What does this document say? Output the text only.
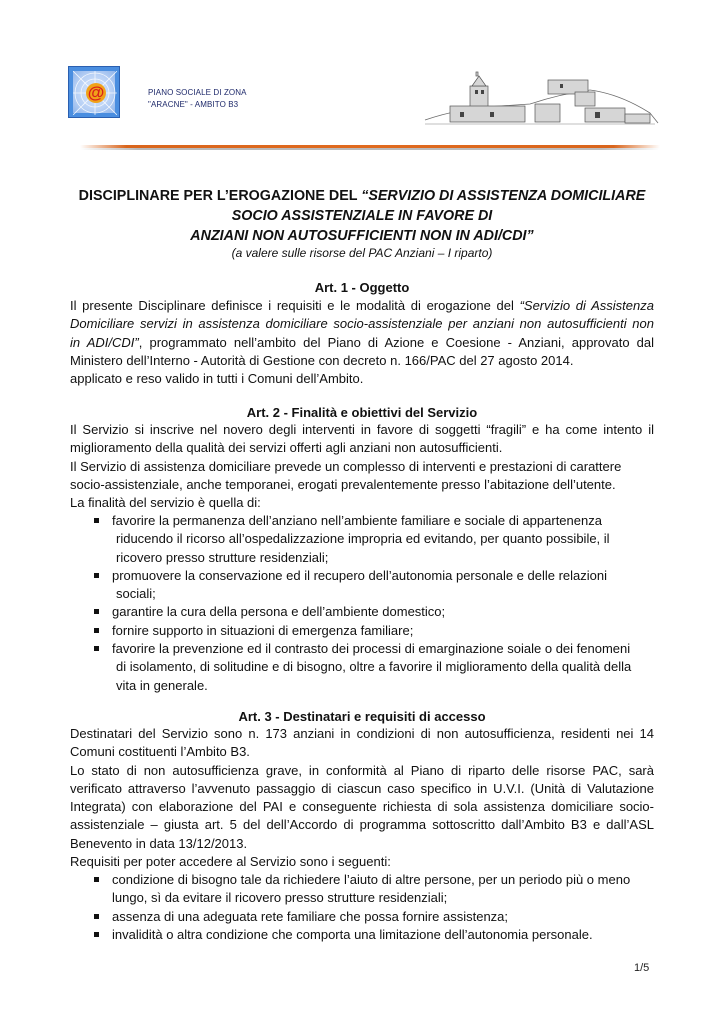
@	PIANO SOCIALE DI ZONA
"ARACNE" - AMBITO B3
DISCIPLINARE PER L’EROGAZIONE DEL “SERVIZIO DI ASSISTENZA DOMICILIARE
SOCIO ASSISTENZIALE IN FAVORE DI
ANZIANI NON AUTOSUFFICIENTI NON IN ADI/CDI”
(a valere sulle risorse del PAC Anziani – I riparto)
Art. 1 - Oggetto
Il presente Disciplinare definisce i requisiti e le modalità di erogazione del “Servizio di Assistenza
Domiciliare servizi in assistenza domiciliare socio-assistenziale per anziani non autosufficienti non
in ADI/CDI”, programmato nell’ambito del Piano di Azione e Coesione - Anziani, approvato dal
Ministero dell’Interno - Autorità di Gestione con decreto n. 166/PAC del 27 agosto 2014.
applicato e reso valido in tutti i Comuni dell’Ambito.
Art. 2 - Finalità e obiettivi del Servizio
Il Servizio si inscrive nel novero degli interventi in favore di soggetti “fragili” e ha come intento il
miglioramento della qualità dei servizi offerti agli anziani non autosufficienti.
Il Servizio di assistenza domiciliare prevede un complesso di interventi e prestazioni di carattere
socio-assistenziale, anche temporanei, erogati prevalentemente presso l’abitazione dell’utente.
La finalità del servizio è quella di:
favorire la permanenza dell’anziano nell’ambiente familiare e sociale di appartenenza
riducendo il ricorso all’ospedalizzazione impropria ed evitando, per quanto possibile, il
ricovero presso strutture residenziali;
promuovere la conservazione ed il recupero dell’autonomia personale e delle relazioni
sociali;
garantire la cura della persona e dell’ambiente domestico;
fornire supporto in situazioni di emergenza familiare;
favorire la prevenzione ed il contrasto dei processi di emarginazione soiale o dei fenomeni
di isolamento, di solitudine e di bisogno, oltre a favorire il miglioramento della qualità della
vita in generale.
Art. 3 - Destinatari e requisiti di accesso
Destinatari del Servizio sono n. 173 anziani in condizioni di non autosufficienza, residenti nei 14
Comuni costituenti l’Ambito B3.
Lo stato di non autosufficienza grave, in conformità al Piano di riparto delle risorse PAC, sarà
verificato attraverso l’avvenuto passaggio di ciascun caso specifico in U.V.I. (Unità di Valutazione
Integrata) con elaborazione del PAI e conseguente richiesta di sola assistenza domiciliare socio-
assistenziale – giusta art. 5 del dell’Accordo di programma sottoscritto dall’Ambito B3 e dall’ASL
Benevento in data 13/12/2013.
Requisiti per poter accedere al Servizio sono i seguenti:
condizione di bisogno tale da richiedere l’aiuto di altre persone, per un periodo più o meno
lungo, sì da evitare il ricovero presso strutture residenziali;
assenza di una adeguata rete familiare che possa fornire assistenza;
invalidità o altra condizione che comporta una limitazione dell’autonomia personale.
1/5
